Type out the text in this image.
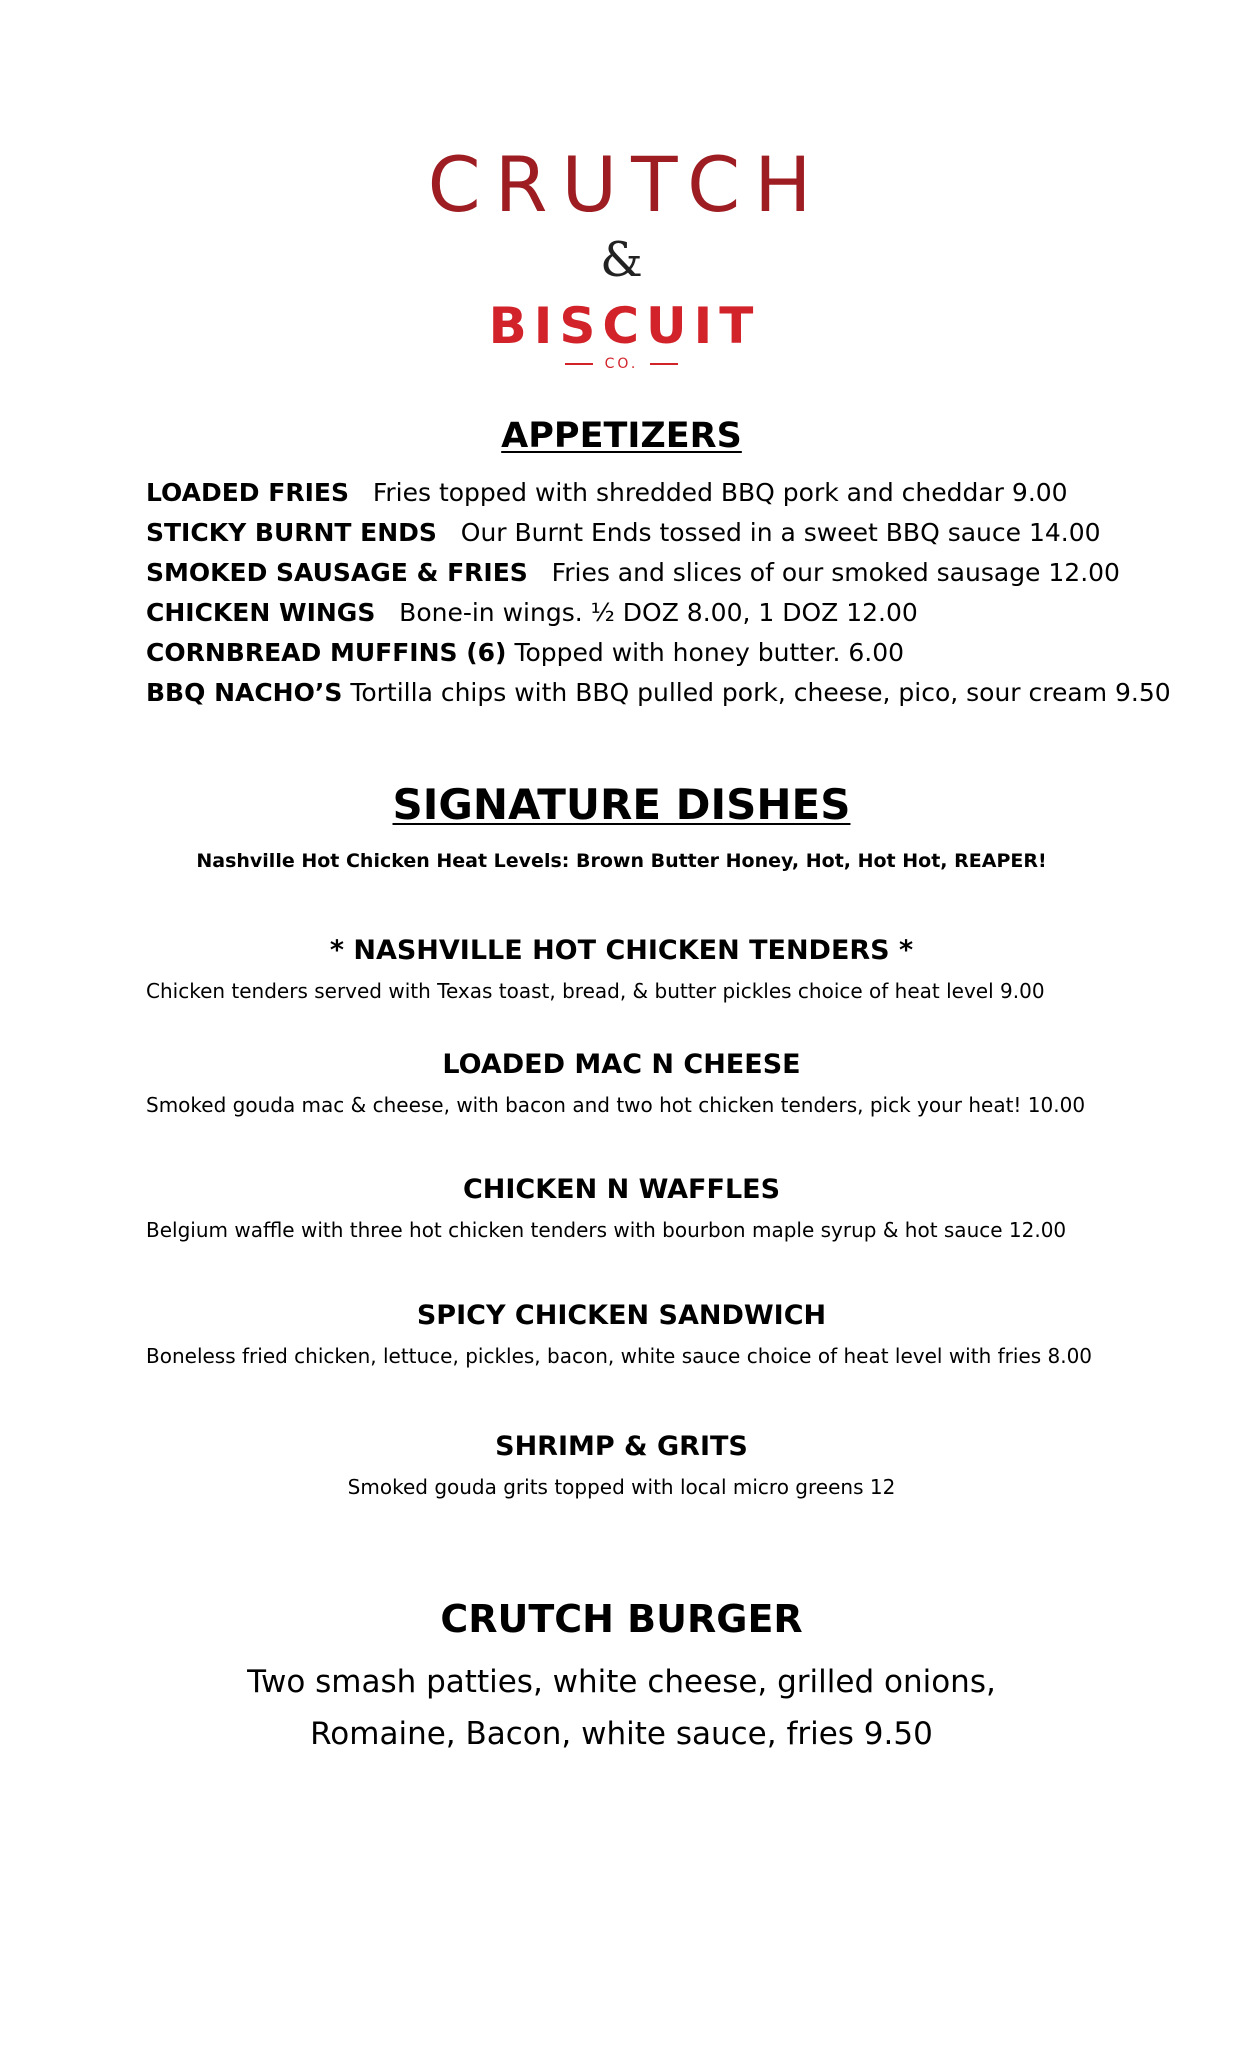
CRUTCH
&
BISCUIT
CO.
APPETIZERS
LOADED FRIES Fries topped with shredded BBQ pork and cheddar 9.00
STICKY BURNT ENDS Our Burnt Ends tossed in a sweet BBQ sauce 14.00
SMOKED SAUSAGE & FRIES Fries and slices of our smoked sausage 12.00
CHICKEN WINGS Bone-in wings. ½ DOZ 8.00, 1 DOZ 12.00
CORNBREAD MUFFINS (6) Topped with honey butter. 6.00
BBQ NACHO’S Tortilla chips with BBQ pulled pork, cheese, pico, sour cream 9.50
SIGNATURE DISHES
Nashville Hot Chicken Heat Levels: Brown Butter Honey, Hot, Hot Hot, REAPER!
* NASHVILLE HOT CHICKEN TENDERS *
Chicken tenders served with Texas toast, bread, & butter pickles choice of heat level 9.00
LOADED MAC N CHEESE
Smoked gouda mac & cheese, with bacon and two hot chicken tenders, pick your heat! 10.00
CHICKEN N WAFFLES
Belgium waffle with three hot chicken tenders with bourbon maple syrup & hot sauce 12.00
SPICY CHICKEN SANDWICH
Boneless fried chicken, lettuce, pickles, bacon, white sauce choice of heat level with fries 8.00
SHRIMP & GRITS
Smoked gouda grits topped with local micro greens 12
CRUTCH BURGER
Two smash patties, white cheese, grilled onions,
Romaine, Bacon, white sauce, fries 9.50
